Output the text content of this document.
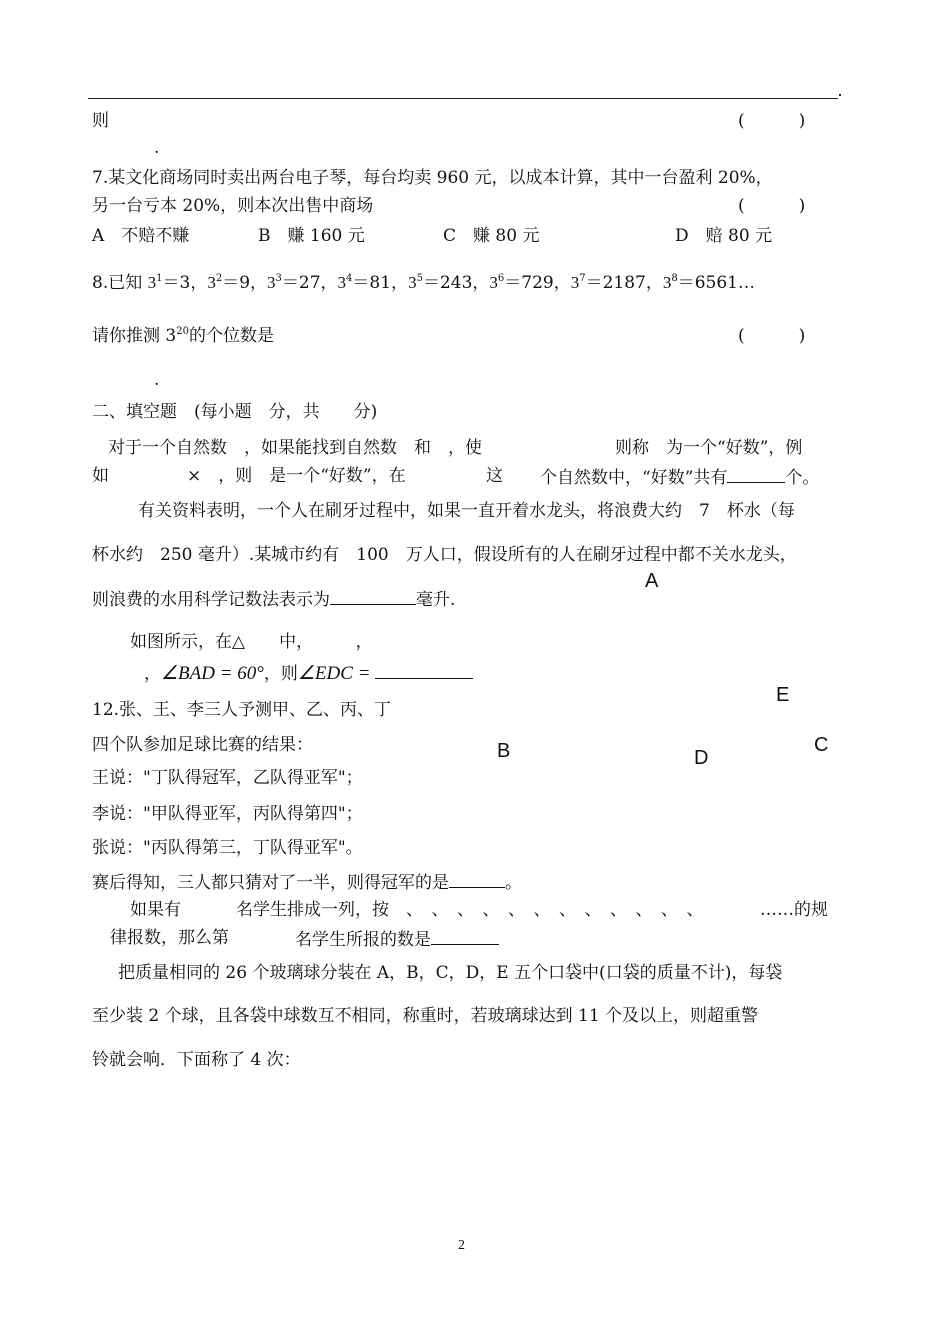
则	(          )
.
7.某文化商场同时卖出两台电子琴，每台均卖 960 元，以成本计算，其中一台盈利 20%，
另一台亏本 20%，则本次出售中商场	(          )
A　不赔不赚	B　赚 160 元	C　赚 80 元	D　赔 80 元
8.已知 $3^1=3$，$3^2=9$，$3^3=27$，$3^4=81$，$3^5=243$，$3^6=729$，$3^7=2187$，$3^8=6561\dots$
请你推测 $3^{20}$的个位数是	(          )
.
二、填空题　(每小题　分，共　　分)
对于一个自然数　，如果能找到自然数　和　，使	则称　为一个“好数”，例
如	×　，则　是一个“好数”，在	这 个自然数中，“好数”共有	个。
有关资料表明，一个人在刷牙过程中，如果一直开着水龙头，将浪费大约　7　杯水（每
杯水约　250 毫升）.某城市约有　100　万人口，假设所有的人在刷牙过程中都不关水龙头，
则浪费的水用科学记数法表示为	毫升.
如图所示，在△　　中，　　　，
，∠BAD = 60°，则∠EDC =
A
E
B	D
C
12.张、王、李三人予测甲、乙、丙、丁
四个队参加足球比赛的结果：
王说："丁队得冠军，乙队得亚军"；
李说："甲队得亚军，丙队得第四"；
张说："丙队得第三，丁队得亚军"。
赛后得知，三人都只猜对了一半，则得冠军的是	。
如果有	名学生排成一列，按　、　、　、　、　、　、　、　、　、　、　、　、	……的规
律报数，那么第	名学生所报的数是
把质量相同的 26 个玻璃球分装在 A，B，C，D，E 五个口袋中(口袋的质量不计)，每袋
至少装 2 个球，且各袋中球数互不相同，称重时，若玻璃球达到 11 个及以上，则超重警
铃就会响．下面称了 4 次：
2
